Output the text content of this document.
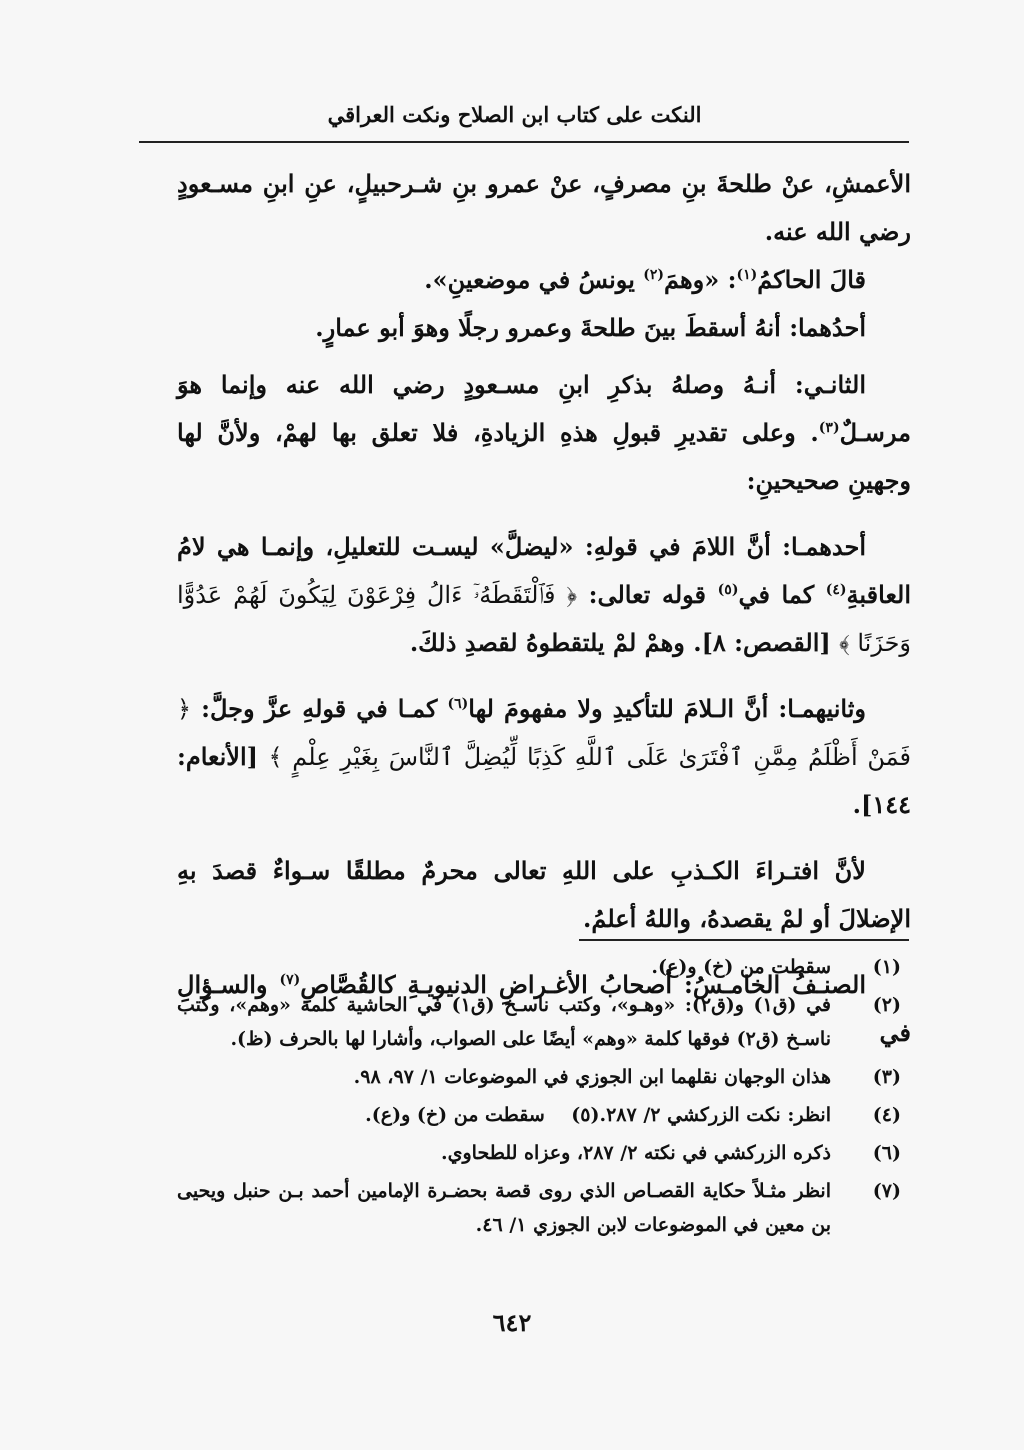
النكت على كتاب ابن الصلاح ونكت العراقي

الأعمشِ، عنْ طلحةَ بنِ مصرفٍ، عنْ عمرو بنِ شـرحبيلٍ، عنِ ابنِ مسـعودٍ رضي الله عنه.

قالَ الحاكمُ$^{(١)}$: «وهمَ$^{(٢)}$ يونسُ في موضعينِ».

أحدُهما: أنهُ أسقطَ بينَ طلحةَ وعمرو رجلًا وهوَ أبو عمارٍ.

الثانـي: أنـهُ وصلهُ بذكرِ ابنِ مسـعودٍ رضي الله عنه وإنما هوَ مرسـلٌ$^{(٣)}$. وعلى تقديرِ قبولِ هذهِ الزيادةِ، فلا تعلق بها لهمْ، ولأنَّ لها وجهينِ صحيحينِ:

أحدهمـا: أنَّ اللامَ في قولهِ: «ليضلَّ» ليسـت للتعليلِ، وإنمـا هي لامُ العاقبةِ$^{(٤)}$ كما في$^{(٥)}$ قوله تعالى: ﴿ فَٱلْتَقَطَهُۥٓ ءَالُ فِرْعَوْنَ لِيَكُونَ لَهُمْ عَدُوًّا وَحَزَنًا ﴾ [القصص: ٨]. وهمْ لمْ يلتقطوهُ لقصدِ ذلكَ.

وثانيهمـا: أنَّ الـلامَ للتأكيدِ ولا مفهومَ لها$^{(٦)}$ كمـا في قولهِ عزَّ وجلَّ: ﴿ فَمَنْ أَظْلَمُ مِمَّنِ ٱفْتَرَىٰ عَلَى ٱللَّهِ كَذِبًا لِّيُضِلَّ ٱلنَّاسَ بِغَيْرِ عِلْمٍ ﴾ [الأنعام: ١٤٤].

لأنَّ افتـراءَ الكـذبِ على اللهِ تعالى محرمٌ مطلقًا سـواءٌ قصدَ بهِ الإضلالَ أو لمْ يقصدهُ، واللهُ أعلمُ.

الصنـفُ الخامـسُ: أصحابُ الأغـراضِ الدنيويـةِ كالقُصَّاصِ$^{(٧)}$ والسـؤالِ في

(١)
سقطت من (خ) و(ع).
(٢)
في (ق١) و(ق٢): «وهـو»، وكتب ناسـخ (ق١) في الحاشية كلمة «وهم»، وكتب ناسـخ (ق٢) فوقها كلمة «وهم» أيضًا على الصواب، وأشارا لها بالحرف (ظ).
(٣)
هذان الوجهان نقلهما ابن الجوزي في الموضوعات ١/ ٩٧، ٩٨.
(٤)
انظر: نكت الزركشي ٢/ ٢٨٧.(٥)    سقطت من (خ) و(ع).
(٦)
ذكره الزركشي في نكته ٢/ ٢٨٧، وعزاه للطحاوي.
(٧)
انظر مثـلاً حكاية القصـاص الذي روى قصة بحضـرة الإمامين أحمد بـن حنبل ويحيى بن معين في الموضوعات لابن الجوزي ١/ ٤٦.
٦٤٢
